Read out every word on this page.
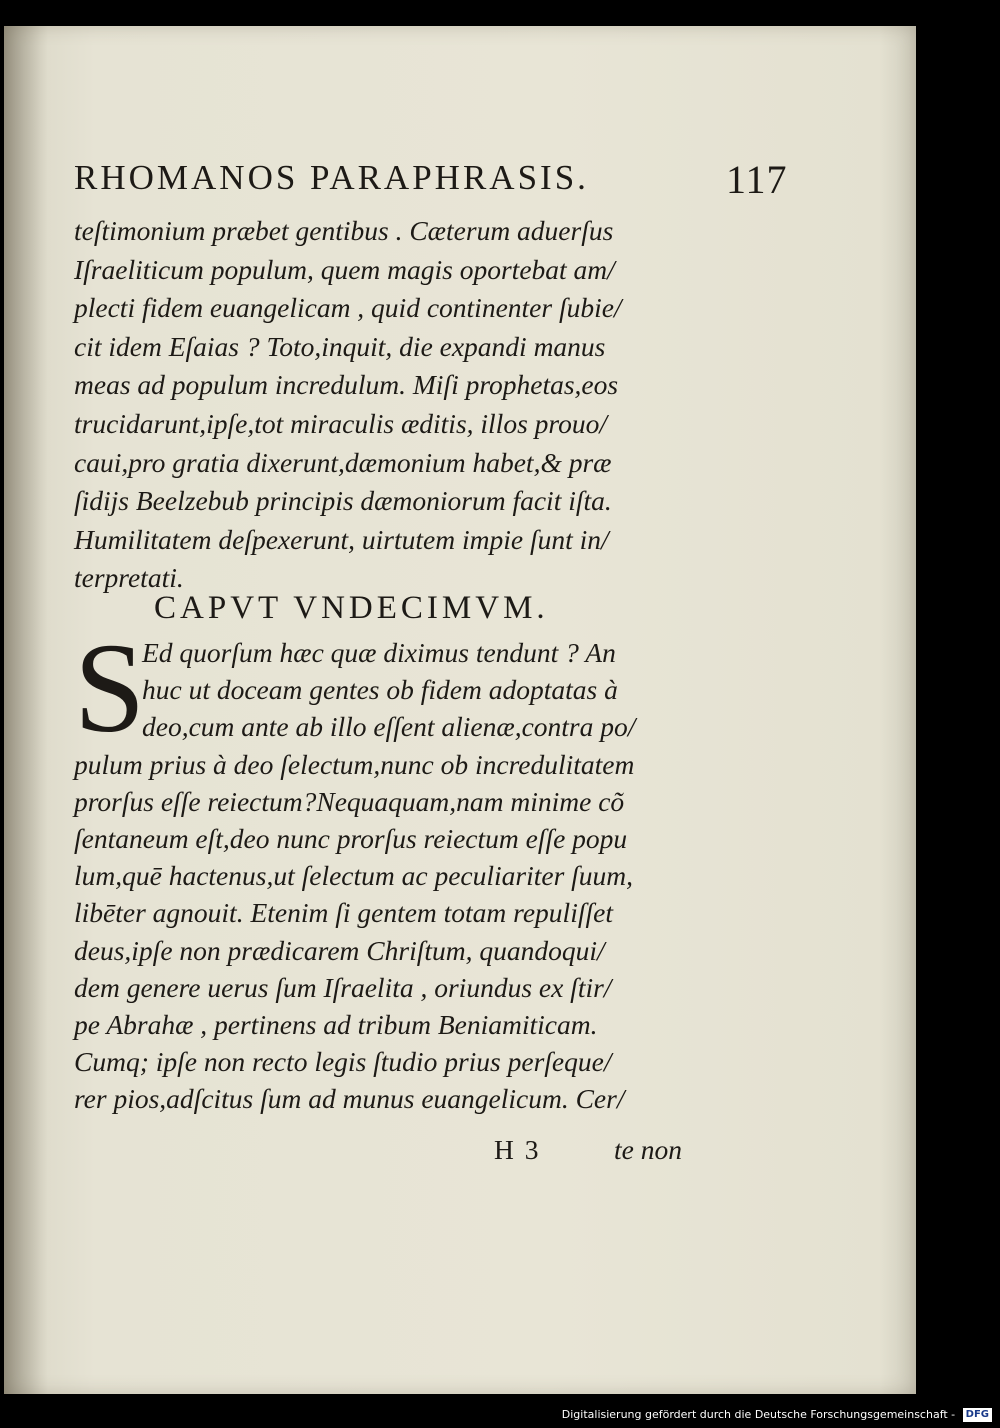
RHOMANOS PARAPHRASIS.	117
teſtimonium præbet gentibus . Cæterum aduerſus
Iſraeliticum populum, quem magis oportebat am/
plecti fidem euangelicam , quid continenter ſubie/
cit idem Eſaias ? Toto,inquit, die expandi manus
meas ad populum incredulum. Miſi prophetas,eos
trucidarunt,ipſe,tot miraculis æditis, illos prouo/
caui,pro gratia dixerunt,dæmonium habet,& præ
ſidijs Beelzebub principis dæmoniorum facit iſta.
Humilitatem deſpexerunt, uirtutem impie ſunt in/
terpretati.
CAPVT VNDECIMVM.
S
Ed quorſum hæc quæ diximus tendunt ? An
huc ut doceam gentes ob fidem adoptatas à
deo,cum ante ab illo eſſent alienæ,contra po/
pulum prius à deo ſelectum,nunc ob incredulitatem
prorſus eſſe reiectum?Nequaquam,nam minime cõ
ſentaneum eſt,deo nunc prorſus reiectum eſſe popu
lum,quē hactenus,ut ſelectum ac peculiariter ſuum,
libēter agnouit. Etenim ſi gentem totam repuliſſet
deus,ipſe non prædicarem Chriſtum, quandoqui/
dem genere uerus ſum Iſraelita , oriundus ex ſtir/
pe Abrahæ , pertinens ad tribum Beniamiticam.
Cumq; ipſe non recto legis ſtudio prius perſeque/
rer pios,adſcitus ſum ad munus euangelicum. Cer/
H 3	te non
Digitalisierung gefördert durch die Deutsche Forschungsgemeinschaft - DFG
